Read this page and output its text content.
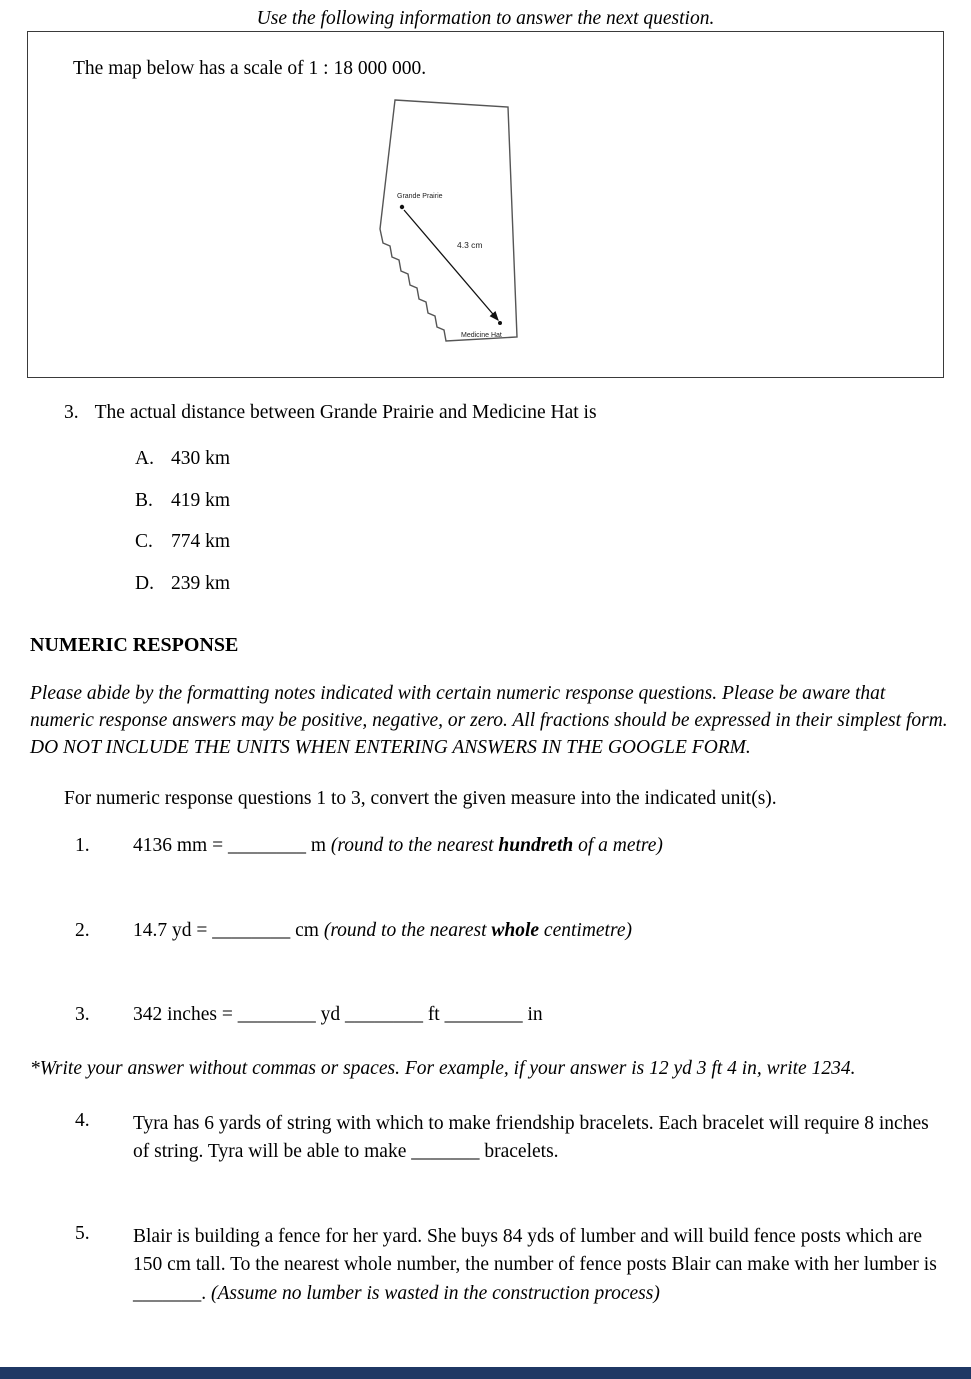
Use the following information to answer the next question.
The map below has a scale of 1 : 18 000 000.
Grande Prairie
4.3 cm
Medicine Hat
3. The actual distance between Grande Prairie and Medicine Hat is
A. 430 km
B. 419 km
C. 774 km
D. 239 km
NUMERIC RESPONSE
Please abide by the formatting notes indicated with certain numeric response questions. Please be aware that numeric response answers may be positive, negative, or zero. All fractions should be expressed in their simplest form. DO NOT INCLUDE THE UNITS WHEN ENTERING ANSWERS IN THE GOOGLE FORM.
For numeric response questions 1 to 3, convert the given measure into the indicated unit(s).
1.	4136 mm = ________ m (round to the nearest hundreth of a metre)
2.	14.7 yd = ________ cm (round to the nearest whole centimetre)
3.	342 inches = ________ yd ________ ft ________ in
*Write your answer without commas or spaces. For example, if your answer is 12 yd 3 ft 4 in, write 1234.
4.	Tyra has 6 yards of string with which to make friendship bracelets. Each bracelet will require 8 inches of string. Tyra will be able to make _______ bracelets.
5.	Blair is building a fence for her yard. She buys 84 yds of lumber and will build fence posts which are 150 cm tall. To the nearest whole number, the number of fence posts Blair can make with her lumber is _______. (Assume no lumber is wasted in the construction process)
